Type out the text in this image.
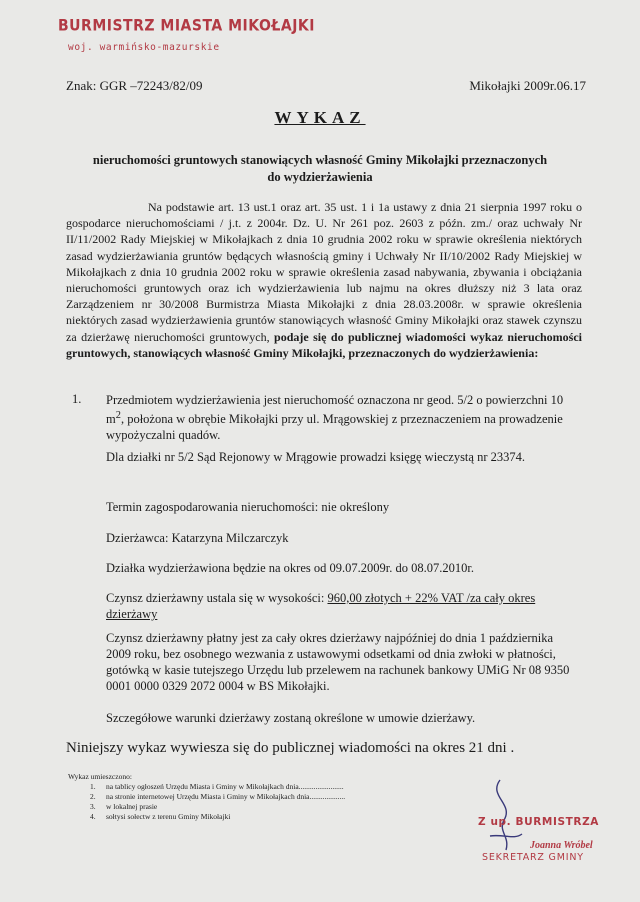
BURMISTRZ MIASTA MIKOŁAJKI
woj. warmińsko-mazurskie
Znak: GGR –72243/82/09	Mikołajki 2009r.06.17
WYKAZ
nieruchomości gruntowych stanowiących własność Gminy Mikołajki przeznaczonych
do wydzierżawienia
Na podstawie art. 13 ust.1 oraz art. 35 ust. 1 i 1a ustawy z dnia 21 sierpnia 1997 roku o gospodarce nieruchomościami / j.t. z 2004r. Dz. U. Nr 261 poz. 2603 z późn. zm./ oraz uchwały Nr II/11/2002 Rady Miejskiej w Mikołajkach z dnia 10 grudnia 2002 roku w sprawie określenia niektórych zasad wydzierżawiania gruntów będących własnością gminy i Uchwały Nr II/10/2002 Rady Miejskiej w Mikołajkach z dnia 10 grudnia 2002 roku w sprawie określenia zasad nabywania, zbywania i obciążania nieruchomości gruntowych oraz ich wydzierżawienia lub najmu na okres dłuższy niż 3 lata oraz Zarządzeniem nr 30/2008 Burmistrza Miasta Mikołajki z dnia 28.03.2008r. w sprawie określenia niektórych zasad wydzierżawienia gruntów stanowiących własność Gminy Mikołajki oraz stawek czynszu za dzierżawę nieruchomości gruntowych, podaje się do publicznej wiadomości wykaz nieruchomości gruntowych, stanowiących własność Gminy Mikołajki, przeznaczonych do wydzierżawienia:
1. Przedmiotem wydzierżawienia jest nieruchomość oznaczona nr geod. 5/2 o powierzchni 10 $m^2$, położona w obrębie Mikołajki przy ul. Mrągowskiej z przeznaczeniem na prowadzenie wypożyczalni quadów.
Dla działki nr 5/2 Sąd Rejonowy w Mrągowie prowadzi księgę wieczystą nr 23374.
Termin zagospodarowania nieruchomości: nie określony
Dzierżawca: Katarzyna Milczarczyk
Działka wydzierżawiona będzie na okres od 09.07.2009r. do 08.07.2010r.
Czynsz dzierżawny ustala się w wysokości: 960,00 złotych + 22% VAT /za cały okres dzierżawy
Czynsz dzierżawny płatny jest za cały okres dzierżawy najpóźniej do dnia 1 października 2009 roku, bez osobnego wezwania z ustawowymi odsetkami od dnia zwłoki w płatności, gotówką w kasie tutejszego Urzędu lub przelewem na rachunek bankowy UMiG Nr 08 9350 0001 0000 0329 2072 0004 w BS Mikołajki.
Szczegółowe warunki dzierżawy zostaną określone w umowie dzierżawy.
Niniejszy wykaz wywiesza się do publicznej wiadomości na okres 21 dni .
Wykaz umieszczono:
1. na tablicy ogłoszeń Urzędu Miasta i Gminy w Mikołajkach dnia........................
2. na stronie internetowej Urzędu Miasta i Gminy w Mikołajkach dnia...................
3. w lokalnej prasie
4. sołtysi sołectw z terenu Gminy Mikołajki	Z up. BURMISTRZA
Joanna Wróbel
SEKRETARZ GMINY
